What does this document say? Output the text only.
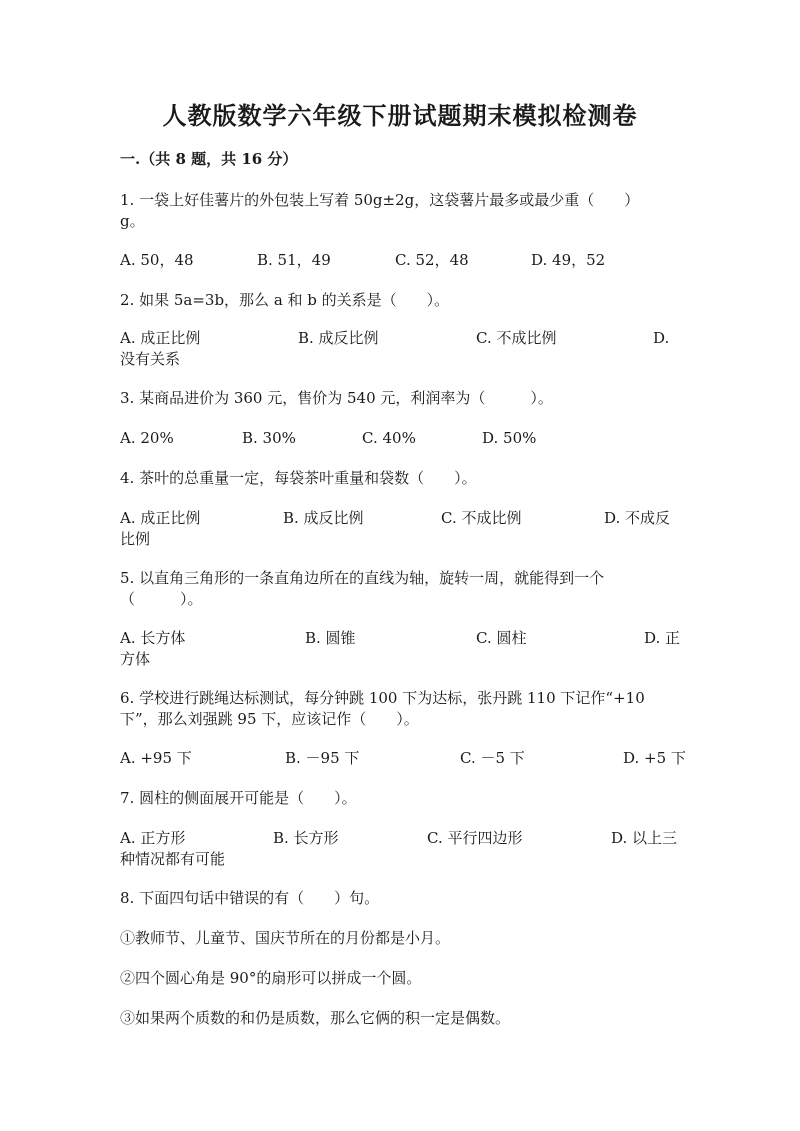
人教版数学六年级下册试题期末模拟检测卷
一.（共 8 题，共 16 分）
1. 一袋上好佳薯片的外包装上写着 50g±2g，这袋薯片最多或最少重（　　）
g。
A. 50，48	B. 51，49	C. 52，48	D. 49，52
2. 如果 5a=3b，那么 a 和 b 的关系是（　　）。
A. 成正比例	B. 成反比例	C. 不成比例	D.
没有关系
3. 某商品进价为 360 元，售价为 540 元，利润率为（　　　）。
A. 20%	B. 30%	C. 40%	D. 50%
4. 茶叶的总重量一定，每袋茶叶重量和袋数（　　）。
A. 成正比例	B. 成反比例	C. 不成比例	D. 不成反
比例
5. 以直角三角形的一条直角边所在的直线为轴，旋转一周，就能得到一个
（　　　）。
A. 长方体	B. 圆锥	C. 圆柱	D. 正
方体
6. 学校进行跳绳达标测试，每分钟跳 100 下为达标，张丹跳 110 下记作“+10
下”，那么刘强跳 95 下，应该记作（　　）。
A. +95 下	B. －95 下	C. －5 下	D. +5 下
7. 圆柱的侧面展开可能是（　　）。
A. 正方形	B. 长方形	C. 平行四边形	D. 以上三
种情况都有可能
8. 下面四句话中错误的有（　　）句。
①教师节、儿童节、国庆节所在的月份都是小月。
②四个圆心角是 90°的扇形可以拼成一个圆。
③如果两个质数的和仍是质数，那么它俩的积一定是偶数。
